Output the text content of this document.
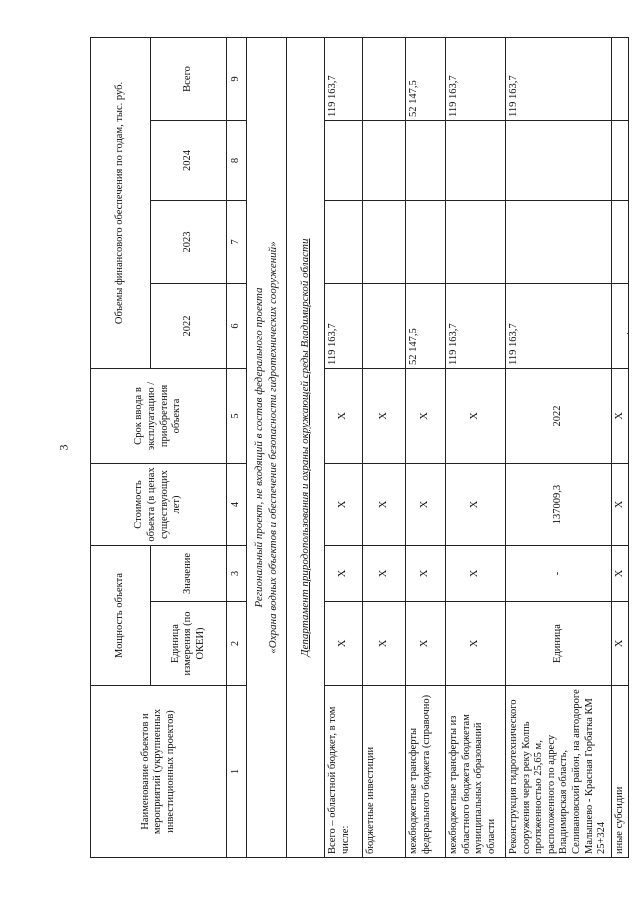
3
Наименование объектов и мероприятий (укрупненных инвестиционных проектов)	Мощность объекта		Стоимость объекта (в ценах существующих лет)	Срок ввода в эксплуатацию /приобретения объекта	Объемы финансового обеспечения по годам, тыс. руб.			
	Единица измерения (по ОКЕИ)	Значение			2022	2023	2024	Всего
1	2	3	4	5	6	7	8	9

Региональный проект, не входящий в состав федерального проекта «Охрана водных объектов и обеспечение безопасности гидротехнических сооружений»								

Департамент природопользования и охраны окружающей среды Владимирской области								
Всего – областной бюджет, в том числе:	Х	Х	Х	Х	119 163,7			119 163,7
бюджетные инвестиции	Х	Х	Х	Х				
межбюджетные трансферты федерального бюджета (справочно)	Х	Х	Х	Х	52 147,5			52 147,5
межбюджетные трансферты из областного бюджета бюджетам муниципальных образований области	Х	Х	Х	Х	119 163,7			119 163,7
Реконструкция гидротехнического сооружения через реку Колпь протяженностью 25,65 м, расположенного по адресу Владимирская область, Селивановский район, на автодороге Малышево - Красная Горбатка КМ 25+324	Единица	-	137009,3	2022	119 163,7			119 163,7
иные субсидии	Х	Х	Х	Х				
